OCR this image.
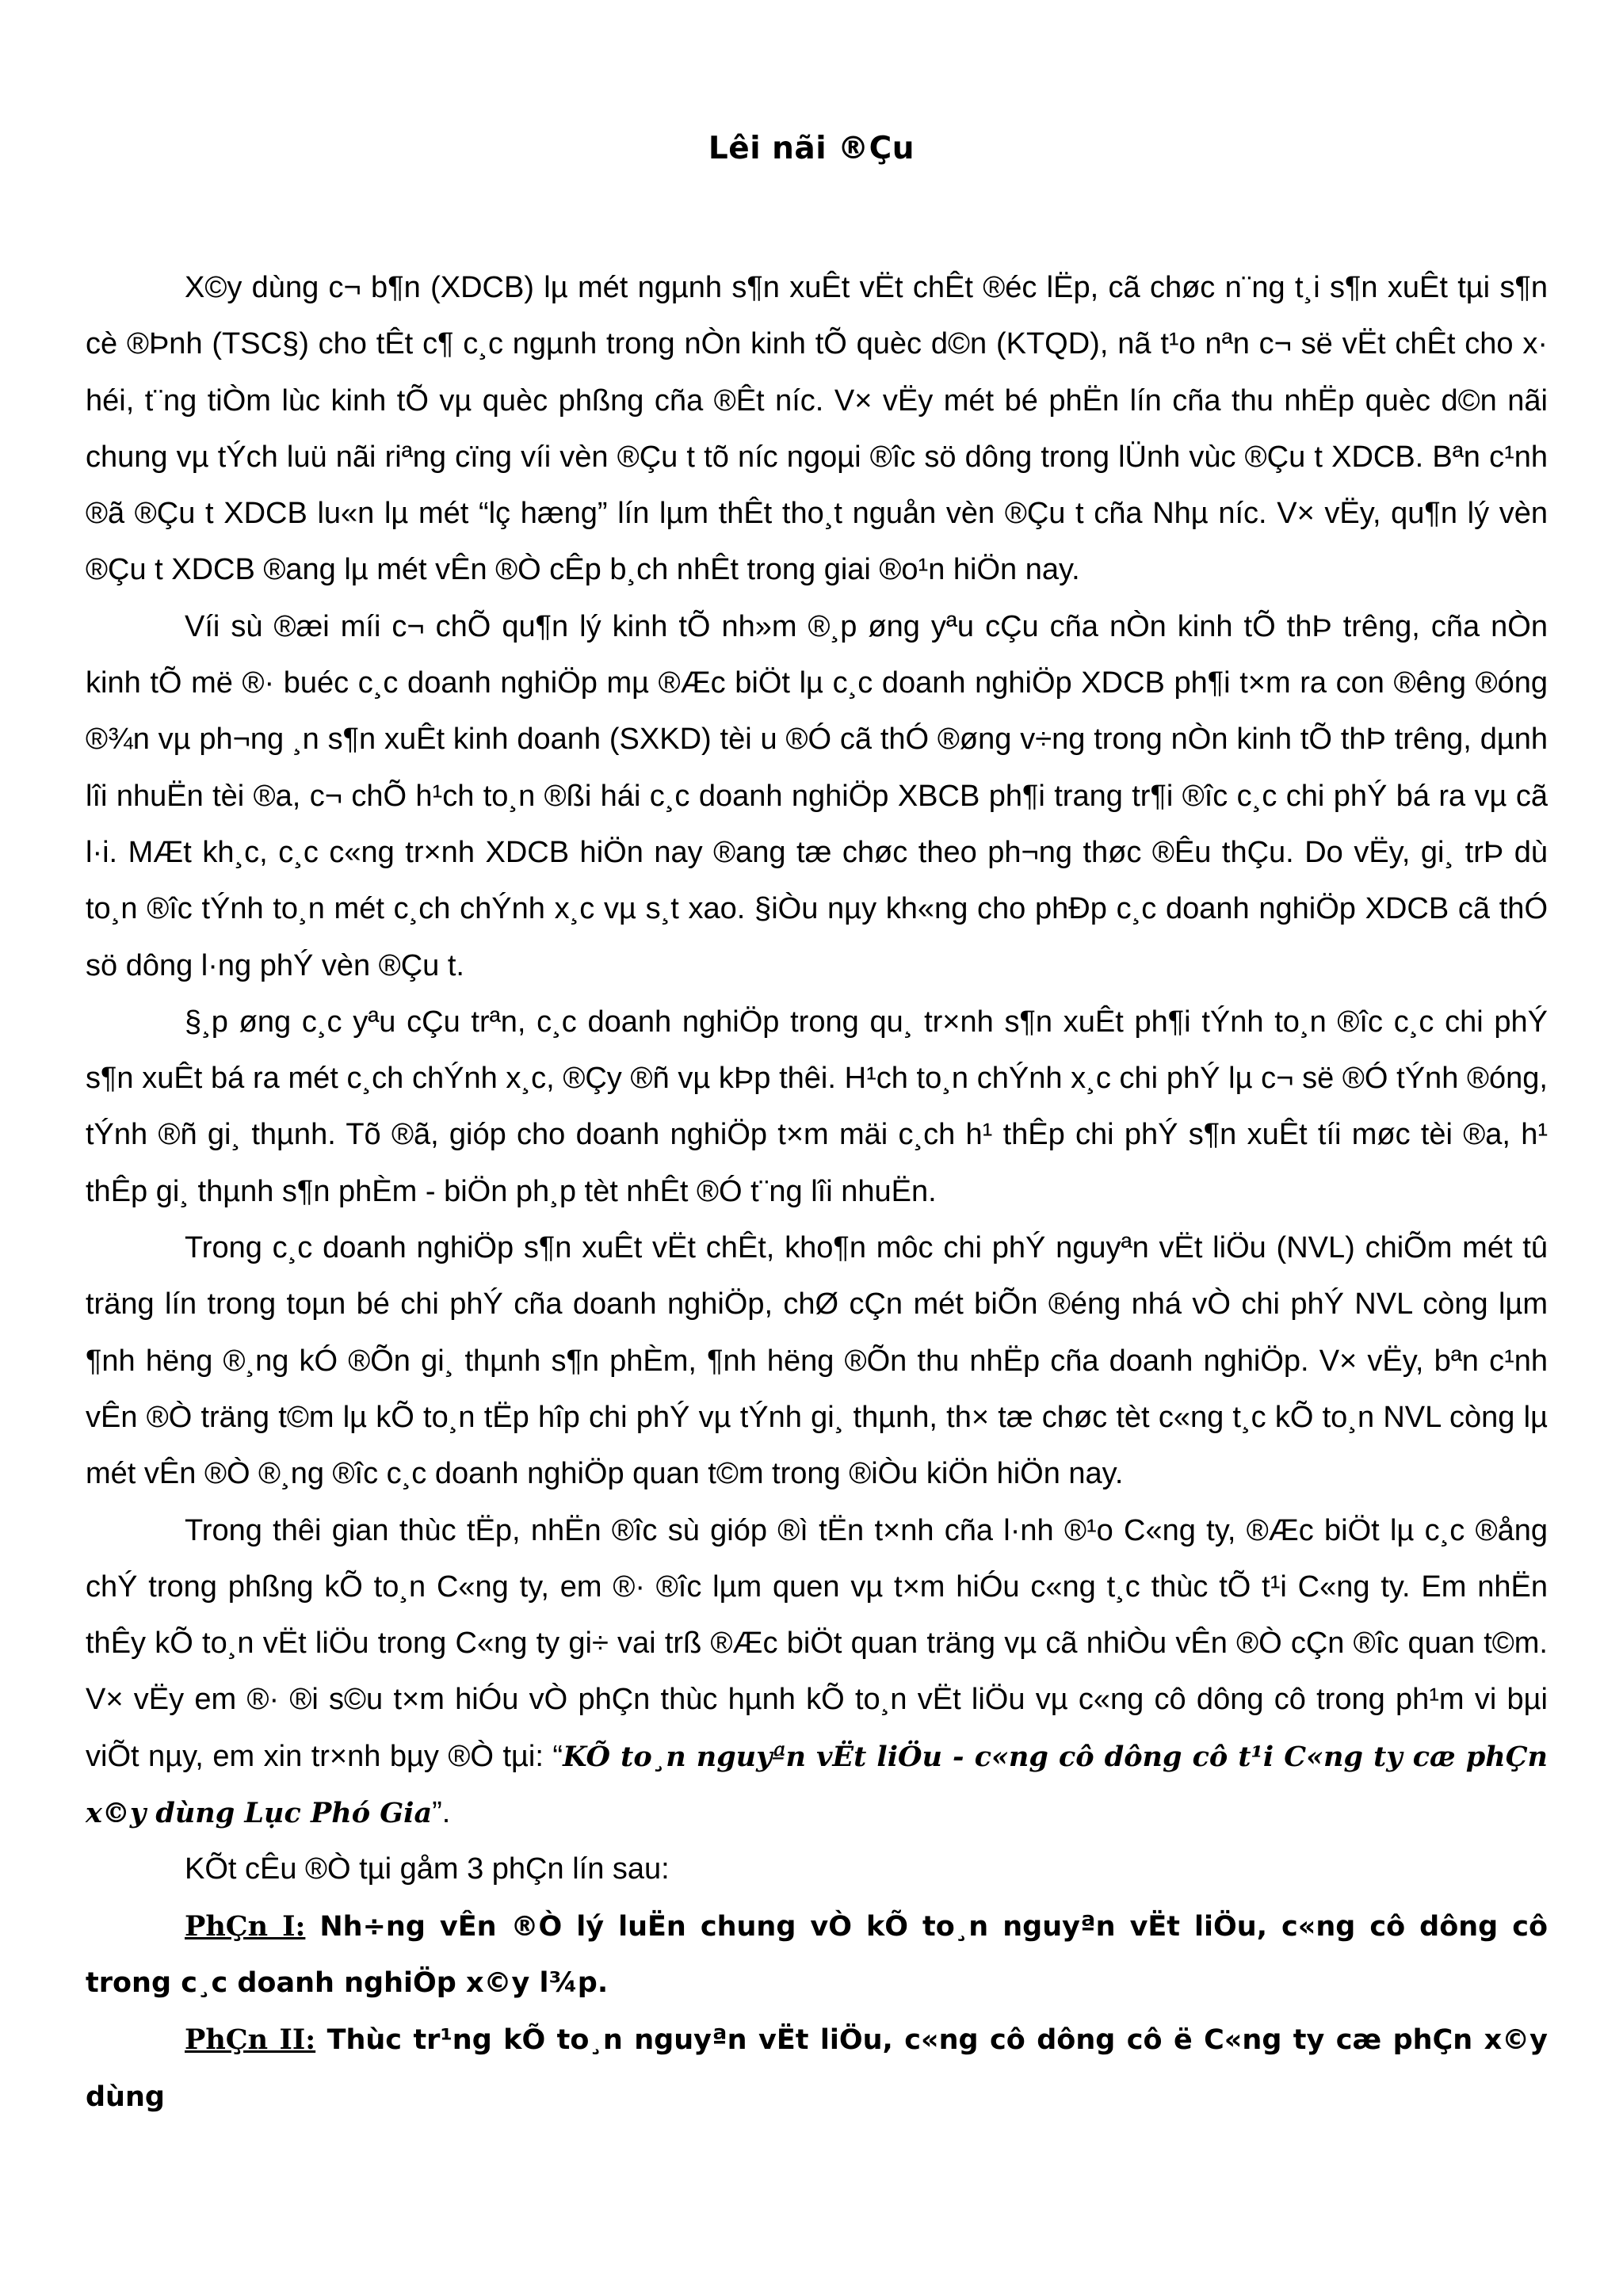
Lêi nãi ®Çu

X©y dùng c¬ b¶n (XDCB) lµ mét ngµnh s¶n xuÊt vËt chÊt ®éc lËp, cã chøc n¨ng t¸i s¶n xuÊt tµi s¶n cè ®Þnh (TSC§) cho tÊt c¶ c¸c ngµnh trong nÒn kinh tÕ quèc d©n (KTQD), nã t¹o nªn c¬ së vËt chÊt cho x· héi, t¨ng tiÒm lùc kinh tÕ vµ quèc phßng cña ®Êt níc. V× vËy mét bé phËn lín cña thu nhËp quèc d©n nãi chung vµ tÝch luü nãi riªng cïng víi vèn ®Çu t tõ níc ngoµi ®îc sö dông trong lÜnh vùc ®Çu t XDCB. Bªn c¹nh ®ã ®Çu t XDCB lu«n lµ mét “lç hæng” lín lµm thÊt tho¸t nguån vèn ®Çu t cña Nhµ níc. V× vËy, qu¶n lý vèn ®Çu t XDCB ®ang lµ mét vÊn ®Ò cÊp b¸ch nhÊt trong giai ®o¹n hiÖn nay.

Víi sù ®æi míi c¬ chÕ qu¶n lý kinh tÕ nh»m ®¸p øng yªu cÇu cña nÒn kinh tÕ thÞ trêng, cña nÒn kinh tÕ më ®· buéc c¸c doanh nghiÖp mµ ®Æc biÖt lµ c¸c doanh nghiÖp XDCB ph¶i t×m ra con ®êng ®óng ®¾n vµ ph¬ng ¸n s¶n xuÊt kinh doanh (SXKD) tèi u ®Ó cã thÓ ®øng v÷ng trong nÒn kinh tÕ thÞ trêng, dµnh lîi nhuËn tèi ®a, c¬ chÕ h¹ch to¸n ®ßi hái c¸c doanh nghiÖp XBCB ph¶i trang tr¶i ®îc c¸c chi phÝ bá ra vµ cã l·i. MÆt kh¸c, c¸c c«ng tr×nh XDCB hiÖn nay ®ang tæ chøc theo ph¬ng thøc ®Êu thÇu. Do vËy, gi¸ trÞ dù to¸n ®îc tÝnh to¸n mét c¸ch chÝnh x¸c vµ s¸t xao. §iÒu nµy kh«ng cho phÐp c¸c doanh nghiÖp XDCB cã thÓ sö dông l·ng phÝ vèn ®Çu t.

§¸p øng c¸c yªu cÇu trªn, c¸c doanh nghiÖp trong qu¸ tr×nh s¶n xuÊt ph¶i tÝnh to¸n ®îc c¸c chi phÝ s¶n xuÊt bá ra mét c¸ch chÝnh x¸c, ®Çy ®ñ vµ kÞp thêi. H¹ch to¸n chÝnh x¸c chi phÝ lµ c¬ së ®Ó tÝnh ®óng, tÝnh ®ñ gi¸ thµnh. Tõ ®ã, gióp cho doanh nghiÖp t×m mäi c¸ch h¹ thÊp chi phÝ s¶n xuÊt tíi møc tèi ®a, h¹ thÊp gi¸ thµnh s¶n phÈm - biÖn ph¸p tèt nhÊt ®Ó t¨ng lîi nhuËn.

Trong c¸c doanh nghiÖp s¶n xuÊt vËt chÊt, kho¶n môc chi phÝ nguyªn vËt liÖu (NVL) chiÕm mét tû träng lín trong toµn bé chi phÝ cña doanh nghiÖp, chØ cÇn mét biÕn ®éng nhá vÒ chi phÝ NVL còng lµm ¶nh hëng ®¸ng kÓ ®Õn gi¸ thµnh s¶n phÈm, ¶nh hëng ®Õn thu nhËp cña doanh nghiÖp. V× vËy, bªn c¹nh vÊn ®Ò träng t©m lµ kÕ to¸n tËp hîp chi phÝ vµ tÝnh gi¸ thµnh, th× tæ chøc tèt c«ng t¸c kÕ to¸n NVL còng lµ mét vÊn ®Ò ®¸ng ®îc c¸c doanh nghiÖp quan t©m trong ®iÒu kiÖn hiÖn nay.

Trong thêi gian thùc tËp, nhËn ®îc sù gióp ®ì tËn t×nh cña l·nh ®¹o C«ng ty, ®Æc biÖt lµ c¸c ®ång chÝ trong phßng kÕ to¸n C«ng ty, em ®· ®îc lµm quen vµ t×m hiÓu c«ng t¸c thùc tÕ t¹i C«ng ty. Em nhËn thÊy kÕ to¸n vËt liÖu trong C«ng ty gi÷ vai trß ®Æc biÖt quan träng vµ cã nhiÒu vÊn ®Ò cÇn ®îc quan t©m. V× vËy em ®· ®i s©u t×m hiÓu vÒ phÇn thùc hµnh kÕ to¸n vËt liÖu vµ c«ng cô dông cô trong ph¹m vi bµi viÕt nµy, em xin tr×nh bµy ®Ò tµi: “KÕ to¸n nguyªn vËt liÖu - c«ng cô dông cô t¹i C«ng ty cæ phÇn x©y dùng Lục Phó Gia”.

KÕt cÊu ®Ò tµi gåm 3 phÇn lín sau:

PhÇn I: Nh÷ng vÊn ®Ò lý luËn chung vÒ kÕ to¸n nguyªn vËt liÖu, c«ng cô dông cô trong c¸c doanh nghiÖp x©y l¾p.

PhÇn II: Thùc tr¹ng kÕ to¸n nguyªn vËt liÖu, c«ng cô dông cô ë C«ng ty cæ phÇn x©y dùng
